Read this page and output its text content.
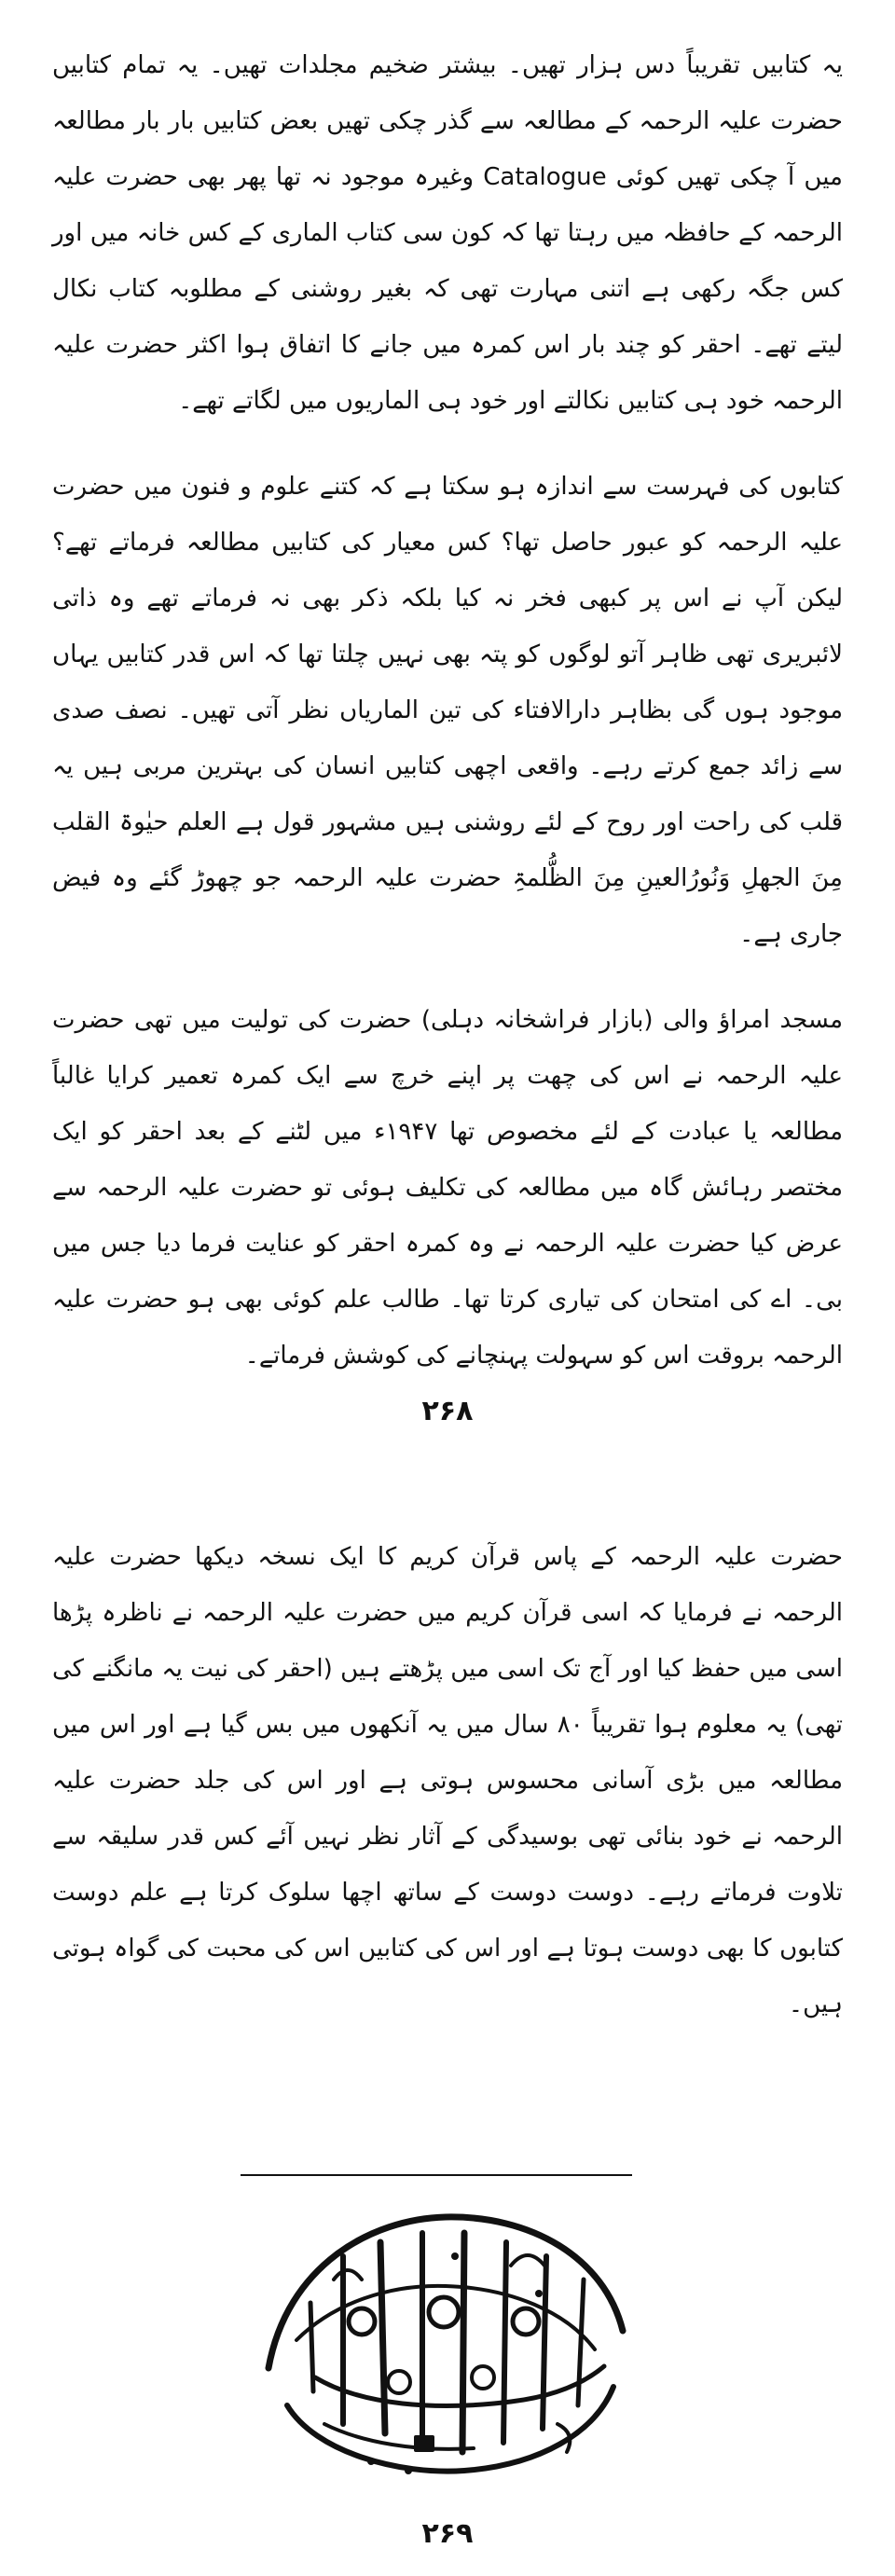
یہ کتابیں تقریباً دس ہزار تھیں۔ بیشتر ضخیم مجلدات تھیں۔ یہ تمام کتابیں حضرت علیہ الرحمہ کے مطالعہ سے گذر چکی تھیں بعض کتابیں بار بار مطالعہ میں آ چکی تھیں کوئی Catalogue وغیرہ موجود نہ تھا پھر بھی حضرت علیہ الرحمہ کے حافظہ میں رہتا تھا کہ کون سی کتاب الماری کے کس خانہ میں اور کس جگہ رکھی ہے اتنی مہارت تھی کہ بغیر روشنی کے مطلوبہ کتاب نکال لیتے تھے۔ احقر کو چند بار اس کمرہ میں جانے کا اتفاق ہوا اکثر حضرت علیہ الرحمہ خود ہی کتابیں نکالتے اور خود ہی الماریوں میں لگاتے تھے۔

کتابوں کی فہرست سے اندازہ ہو سکتا ہے کہ کتنے علوم و فنون میں حضرت علیہ الرحمہ کو عبور حاصل تھا؟ کس معیار کی کتابیں مطالعہ فرماتے تھے؟ لیکن آپ نے اس پر کبھی فخر نہ کیا بلکہ ذکر بھی نہ فرماتے تھے وہ ذاتی لائبریری تھی ظاہر آتو لوگوں کو پتہ بھی نہیں چلتا تھا کہ اس قدر کتابیں یہاں موجود ہوں گی بظاہر دارالافتاء کی تین الماریاں نظر آتی تھیں۔ نصف صدی سے زائد جمع کرتے رہے۔ واقعی اچھی کتابیں انسان کی بہترین مربی ہیں یہ قلب کی راحت اور روح کے لئے روشنی ہیں مشہور قول ہے العلم حیٰوۃ القلب مِنَ الجھلِ وَنُورُالعینِ مِنَ الظُّلمۃِ حضرت علیہ الرحمہ جو چھوڑ گئے وہ فیض جاری ہے۔

مسجد امراؤ والی (بازار فراشخانہ دہلی) حضرت کی تولیت میں تھی حضرت علیہ الرحمہ نے اس کی چھت پر اپنے خرچ سے ایک کمرہ تعمیر کرایا غالباً مطالعہ یا عبادت کے لئے مخصوص تھا ۱۹۴۷ء میں لٹنے کے بعد احقر کو ایک مختصر رہائش گاہ میں مطالعہ کی تکلیف ہوئی تو حضرت علیہ الرحمہ سے عرض کیا حضرت علیہ الرحمہ نے وہ کمرہ احقر کو عنایت فرما دیا جس میں بی۔ اے کی امتحان کی تیاری کرتا تھا۔ طالب علم کوئی بھی ہو حضرت علیہ الرحمہ بروقت اس کو سہولت پہنچانے کی کوشش فرماتے۔

۲۶۸

حضرت علیہ الرحمہ کے پاس قرآن کریم کا ایک نسخہ دیکھا حضرت علیہ الرحمہ نے فرمایا کہ اسی قرآن کریم میں حضرت علیہ الرحمہ نے ناظرہ پڑھا اسی میں حفظ کیا اور آج تک اسی میں پڑھتے ہیں (احقر کی نیت یہ مانگنے کی تھی) یہ معلوم ہوا تقریباً ۸۰ سال میں یہ آنکھوں میں بس گیا ہے اور اس میں مطالعہ میں بڑی آسانی محسوس ہوتی ہے اور اس کی جلد حضرت علیہ الرحمہ نے خود بنائی تھی بوسیدگی کے آثار نظر نہیں آئے کس قدر سلیقہ سے تلاوت فرماتے رہے۔ دوست دوست کے ساتھ اچھا سلوک کرتا ہے علم دوست کتابوں کا بھی دوست ہوتا ہے اور اس کی کتابیں اس کی محبت کی گواہ ہوتی ہیں۔

۲۶۹
